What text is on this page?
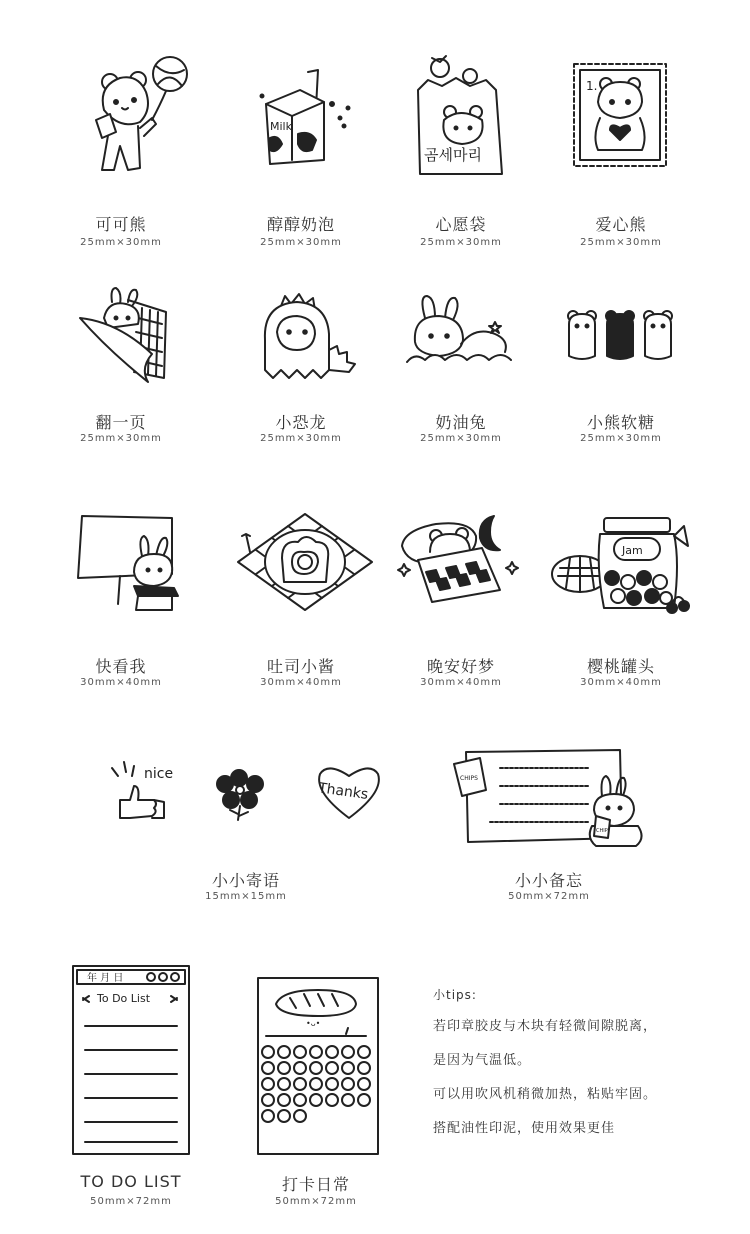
可可熊
25mm×30mm
Milk
醇醇奶泡
25mm×30mm
곰세마리
心愿袋
25mm×30mm
1.
爱心熊
25mm×30mm
翻一页
25mm×30mm
小恐龙
25mm×30mm
奶油兔
25mm×30mm
小熊软糖
25mm×30mm
快看我
30mm×40mm
吐司小酱
30mm×40mm
晚安好梦
30mm×40mm
Jam
樱桃罐头
30mm×40mm
nice
Thanks
小小寄语
15mm×15mm
CHIPS
CHIP
小小备忘
50mm×72mm
年 月 日
To Do List
TO DO LIST
50mm×72mm
•ᴗ•
打卡日常
50mm×72mm
小tips:
若印章胶皮与木块有轻微间隙脱离，
是因为气温低。
可以用吹风机稍微加热，粘贴牢固。
搭配油性印泥，使用效果更佳
